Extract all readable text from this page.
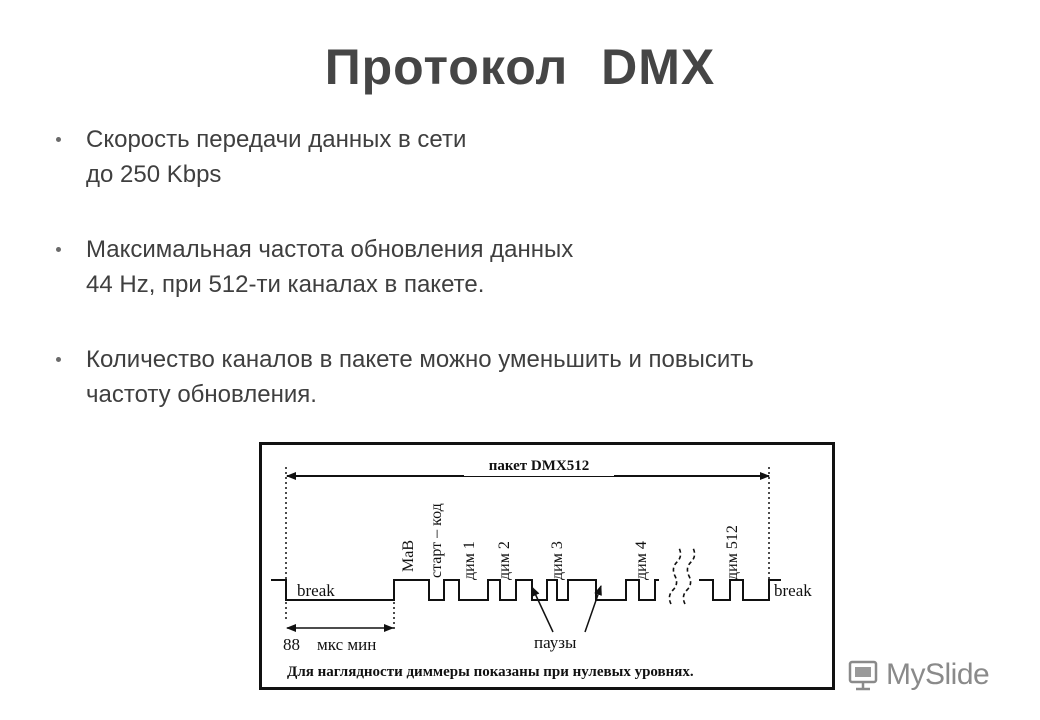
Протокол DMX
Скорость передачи данных в сети
до 250 Kbps
Максимальная частота обновления данных
44 Hz, при 512-ти каналах в пакете.
Количество каналов в пакете можно уменьшить и повысить
частоту обновления.
пакет DMX512
break	break
MaB старт – код дим 1 дим 2 дим 3	дим 4	дим 512
паузы
88 мкс мин
Для наглядности диммеры показаны при нулевых уровнях.	MySlide
